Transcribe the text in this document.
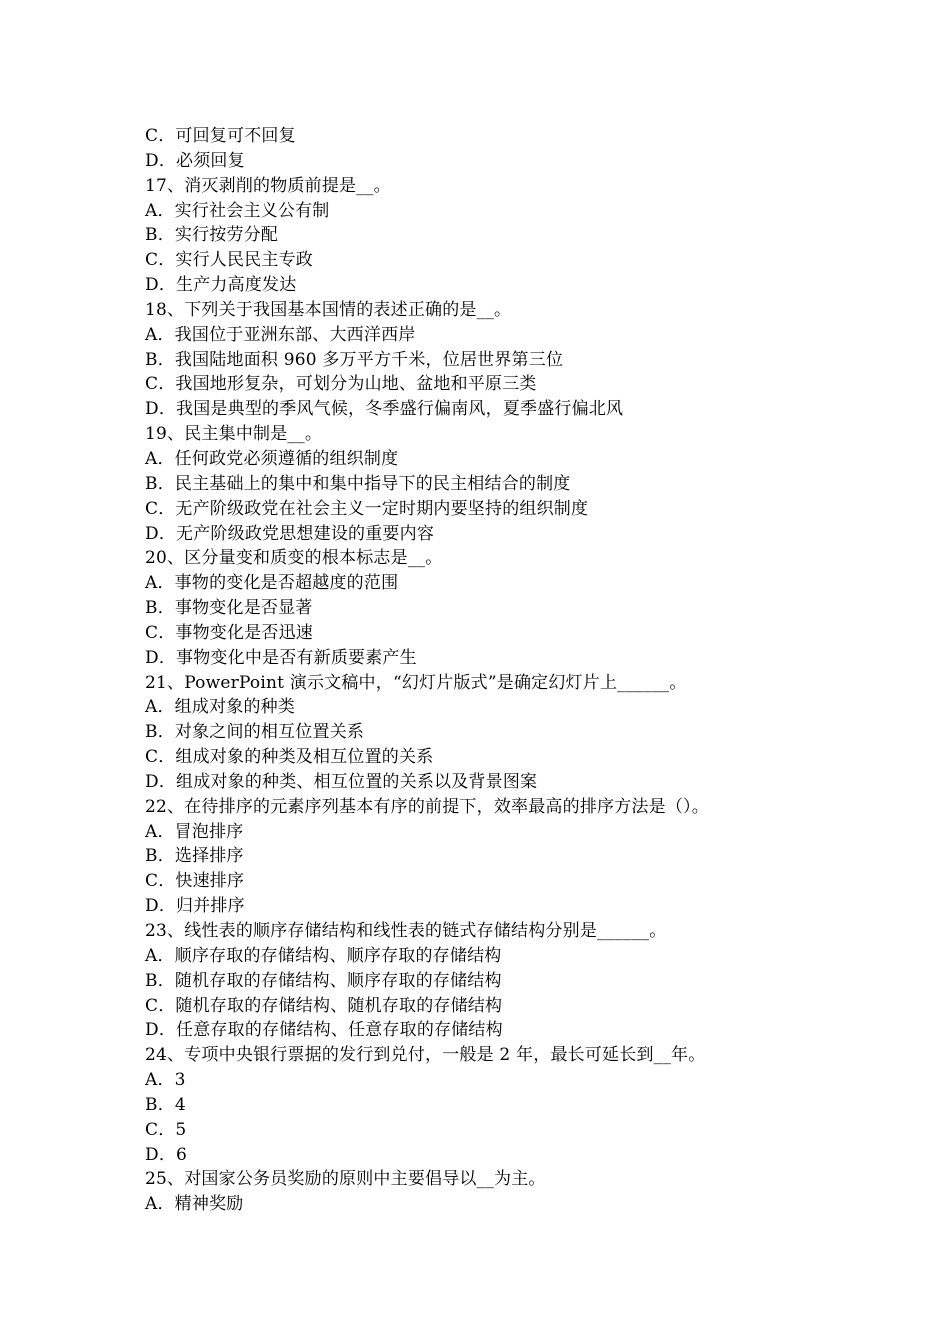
C．可回复可不回复
D．必须回复
17、消灭剥削的物质前提是__。
A．实行社会主义公有制
B．实行按劳分配
C．实行人民民主专政
D．生产力高度发达
18、下列关于我国基本国情的表述正确的是__。
A．我国位于亚洲东部、大西洋西岸
B．我国陆地面积 960 多万平方千米，位居世界第三位
C．我国地形复杂，可划分为山地、盆地和平原三类
D．我国是典型的季风气候，冬季盛行偏南风，夏季盛行偏北风
19、民主集中制是__。
A．任何政党必须遵循的组织制度
B．民主基础上的集中和集中指导下的民主相结合的制度
C．无产阶级政党在社会主义一定时期内要坚持的组织制度
D．无产阶级政党思想建设的重要内容
20、区分量变和质变的根本标志是__。
A．事物的变化是否超越度的范围
B．事物变化是否显著
C．事物变化是否迅速
D．事物变化中是否有新质要素产生
21、PowerPoint 演示文稿中，“幻灯片版式”是确定幻灯片上______。
A．组成对象的种类
B．对象之间的相互位置关系
C．组成对象的种类及相互位置的关系
D．组成对象的种类、相互位置的关系以及背景图案
22、在待排序的元素序列基本有序的前提下，效率最高的排序方法是（）。
A．冒泡排序
B．选择排序
C．快速排序
D．归并排序
23、线性表的顺序存储结构和线性表的链式存储结构分别是______。
A．顺序存取的存储结构、顺序存取的存储结构
B．随机存取的存储结构、顺序存取的存储结构
C．随机存取的存储结构、随机存取的存储结构
D．任意存取的存储结构、任意存取的存储结构
24、专项中央银行票据的发行到兑付，一般是 2 年，最长可延长到__年。
A．3
B．4
C．5
D．6
25、对国家公务员奖励的原则中主要倡导以__为主。
A．精神奖励
